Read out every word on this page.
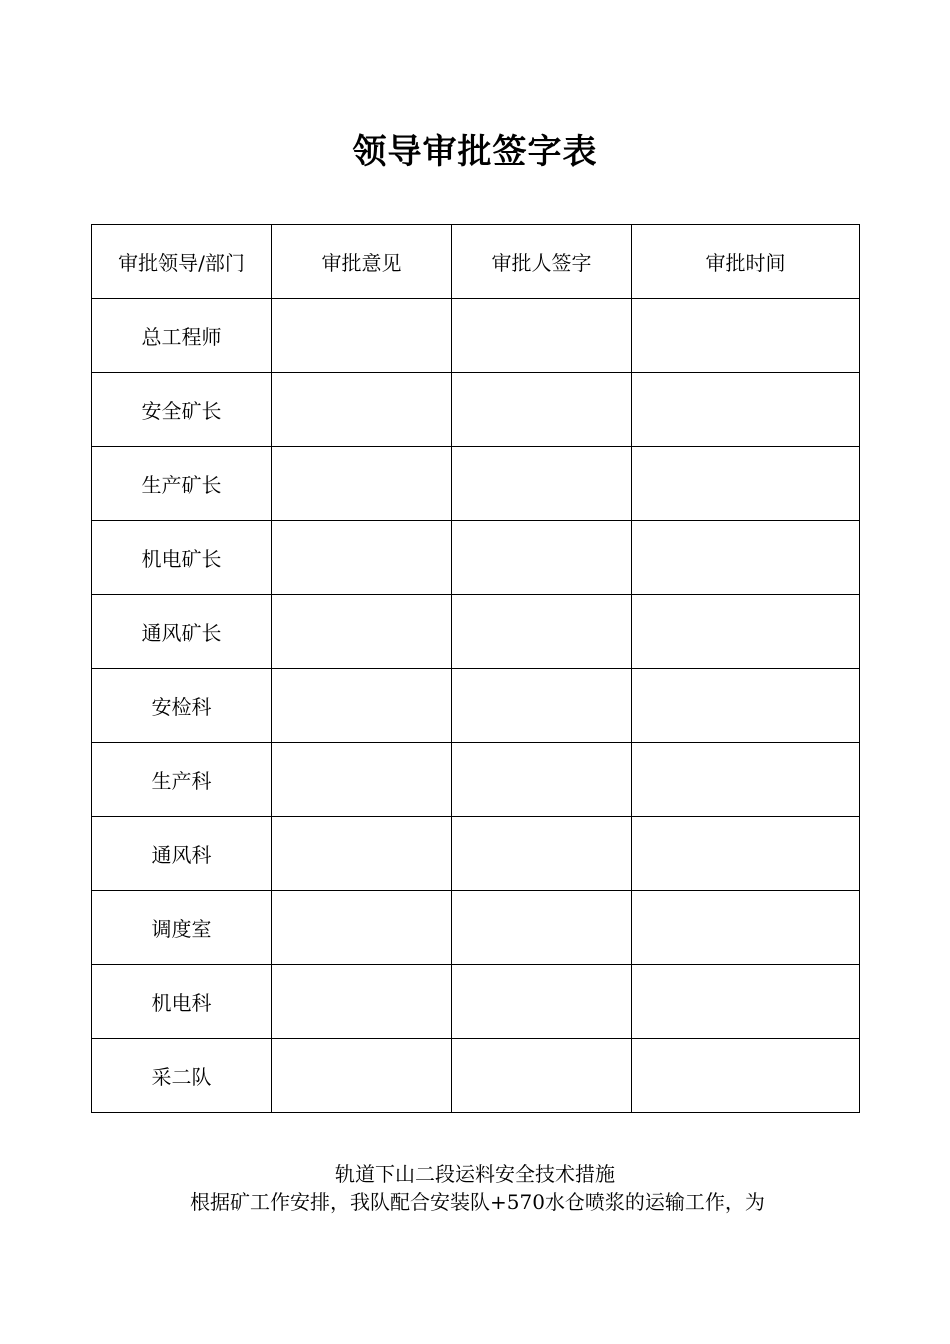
领导审批签字表
审批领导/部门	审批意见	审批人签字	审批时间
总工程师			
安全矿长			
生产矿长			
机电矿长			
通风矿长			
安检科			
生产科			
通风科			
调度室			
机电科			
采二队			
轨道下山二段运料安全技术措施
根据矿工作安排，我队配合安装队+570水仓喷浆的运输工作，为
